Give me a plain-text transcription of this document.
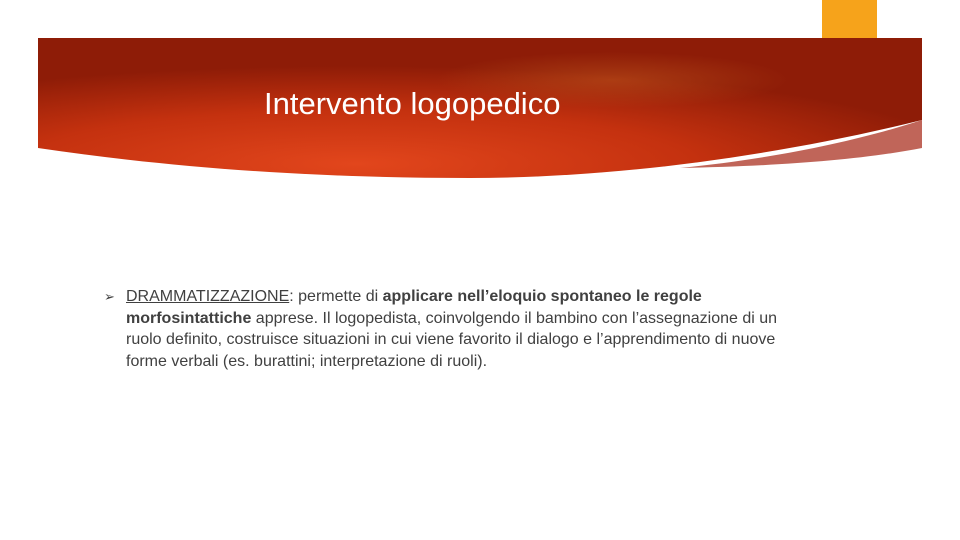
Intervento logopedico
➢ DRAMMATIZZAZIONE: permette di applicare nell’eloquio spontaneo le regole morfosintattiche apprese. Il logopedista, coinvolgendo il bambino con l’assegnazione di un ruolo definito, costruisce situazioni in cui viene favorito il dialogo e l’apprendimento di nuove forme verbali (es. burattini; interpretazione di ruoli).
